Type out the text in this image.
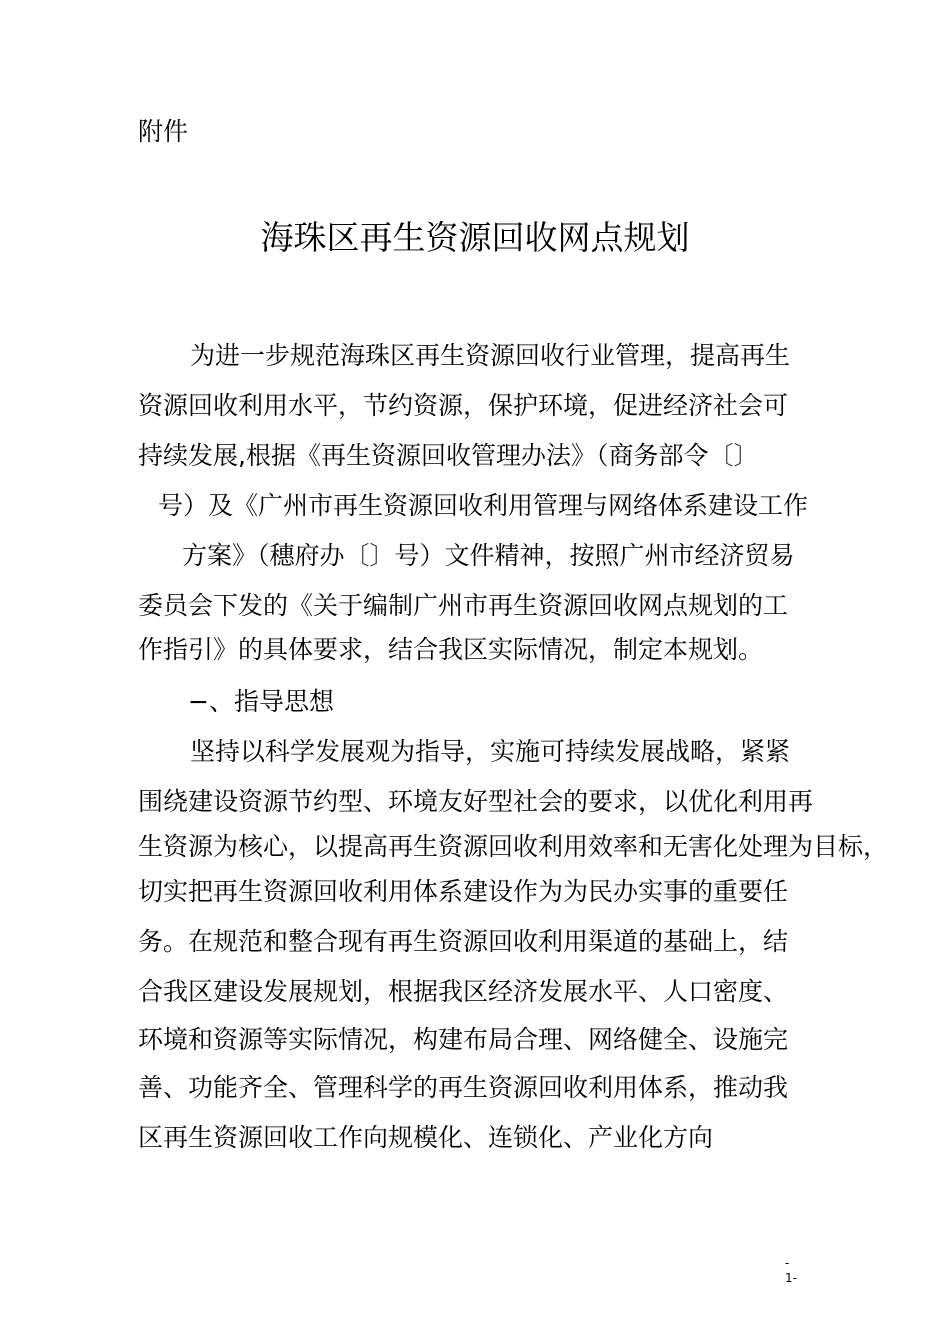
附件
海珠区再生资源回收网点规划
为进一步规范海珠区再生资源回收行业管理，提高再生
资源回收利用水平，节约资源，保护环境，促进经济社会可
持续发展,根据《再生资源回收管理办法》（商务部令〔〕
号）及《广州市再生资源回收利用管理与网络体系建设工作
方案》（穗府办〔〕号）文件精神，按照广州市经济贸易
委员会下发的《关于编制广州市再生资源回收网点规划的工
作指引》的具体要求，结合我区实际情况，制定本规划。
−、指导思想
坚持以科学发展观为指导，实施可持续发展战略，紧紧
围绕建设资源节约型、环境友好型社会的要求，以优化利用再
生资源为核心，以提高再生资源回收利用效率和无害化处理为目标，
切实把再生资源回收利用体系建设作为为民办实事的重要任
务。在规范和整合现有再生资源回收利用渠道的基础上，结
合我区建设发展规划，根据我区经济发展水平、人口密度、
环境和资源等实际情况，构建布局合理、网络健全、设施完
善、功能齐全、管理科学的再生资源回收利用体系，推动我
区再生资源回收工作向规模化、连锁化、产业化方向
-
1-
